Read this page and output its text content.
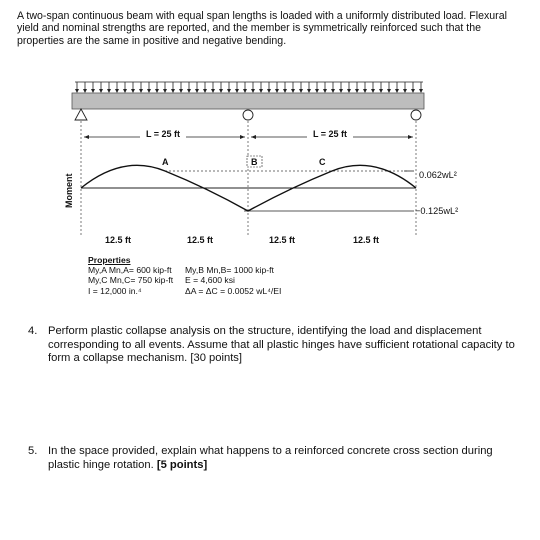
A two-span continuous beam with equal span lengths is loaded with a uniformly distributed load. Flexural yield and nominal strengths are reported, and the member is symmetrically reinforced such that the properties are the same in positive and negative bending.
L = 25 ft	L = 25 ft
A	B	C
Moment	0.062wL²
−0.125wL²
12.5 ft	12.5 ft	12.5 ft	12.5 ft
Properties
My,A Mn,A= 600 kip-ft	My,B Mn,B= 1000 kip-ft
My,C Mn,C= 750 kip-ft	E = 4,600 ksi
I = 12,000 in.⁴	ΔA = ΔC = 0.0052 wL⁴/EI
4. Perform plastic collapse analysis on the structure, identifying the load and displacement corresponding to all events. Assume that all plastic hinges have sufficient rotational capacity to form a collapse mechanism. [30 points]
5. In the space provided, explain what happens to a reinforced concrete cross section during plastic hinge rotation. [5 points]
